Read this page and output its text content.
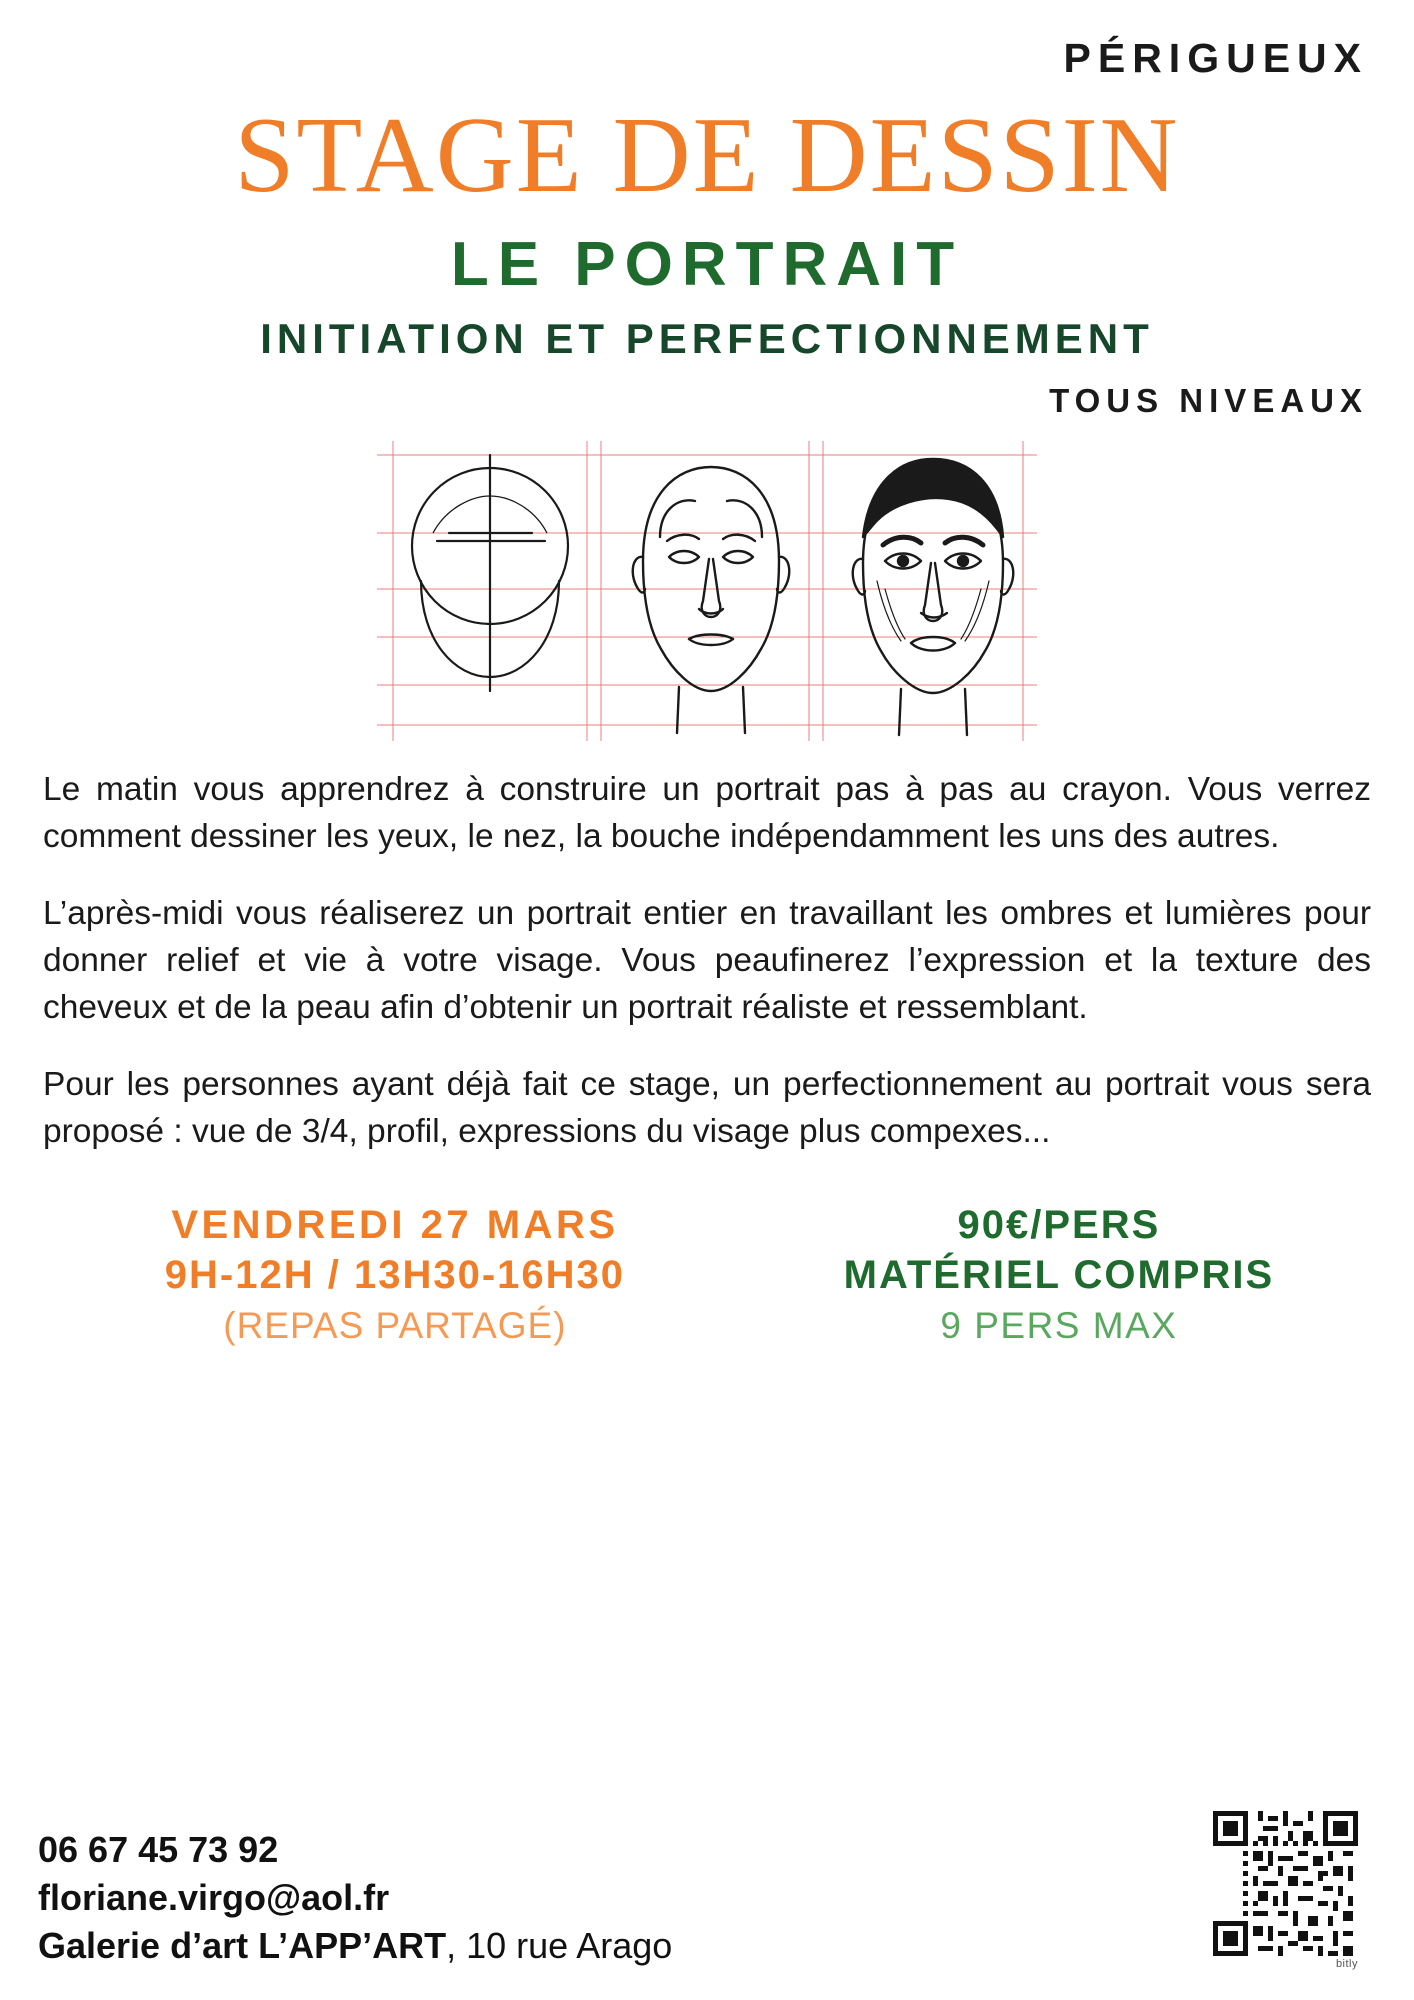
PÉRIGUEUX
STAGE DE DESSIN
LE PORTRAIT
INITIATION ET PERFECTIONNEMENT
TOUS NIVEAUX

Le matin vous apprendrez à construire un portrait pas à pas au crayon. Vous verrez comment dessiner les yeux, le nez, la bouche indépendamment les uns des autres.

L’après-midi vous réaliserez un portrait entier en travaillant les ombres et lumières pour donner relief et vie à votre visage. Vous peaufinerez l’expression et la texture des cheveux et de la peau afin d’obtenir un portrait réaliste et ressemblant.

Pour les personnes ayant déjà fait ce stage, un perfectionnement au portrait vous sera proposé : vue de 3/4, profil, expressions du visage plus compexes...

VENDREDI 27 MARS
9H-12H / 13H30-16H30
(REPAS PARTAGÉ)
90€/PERS
MATÉRIEL COMPRIS
9 PERS MAX
06 67 45 73 92
floriane.virgo@aol.fr
Galerie d’art L’APP’ART, 10 rue Arago	bitly
